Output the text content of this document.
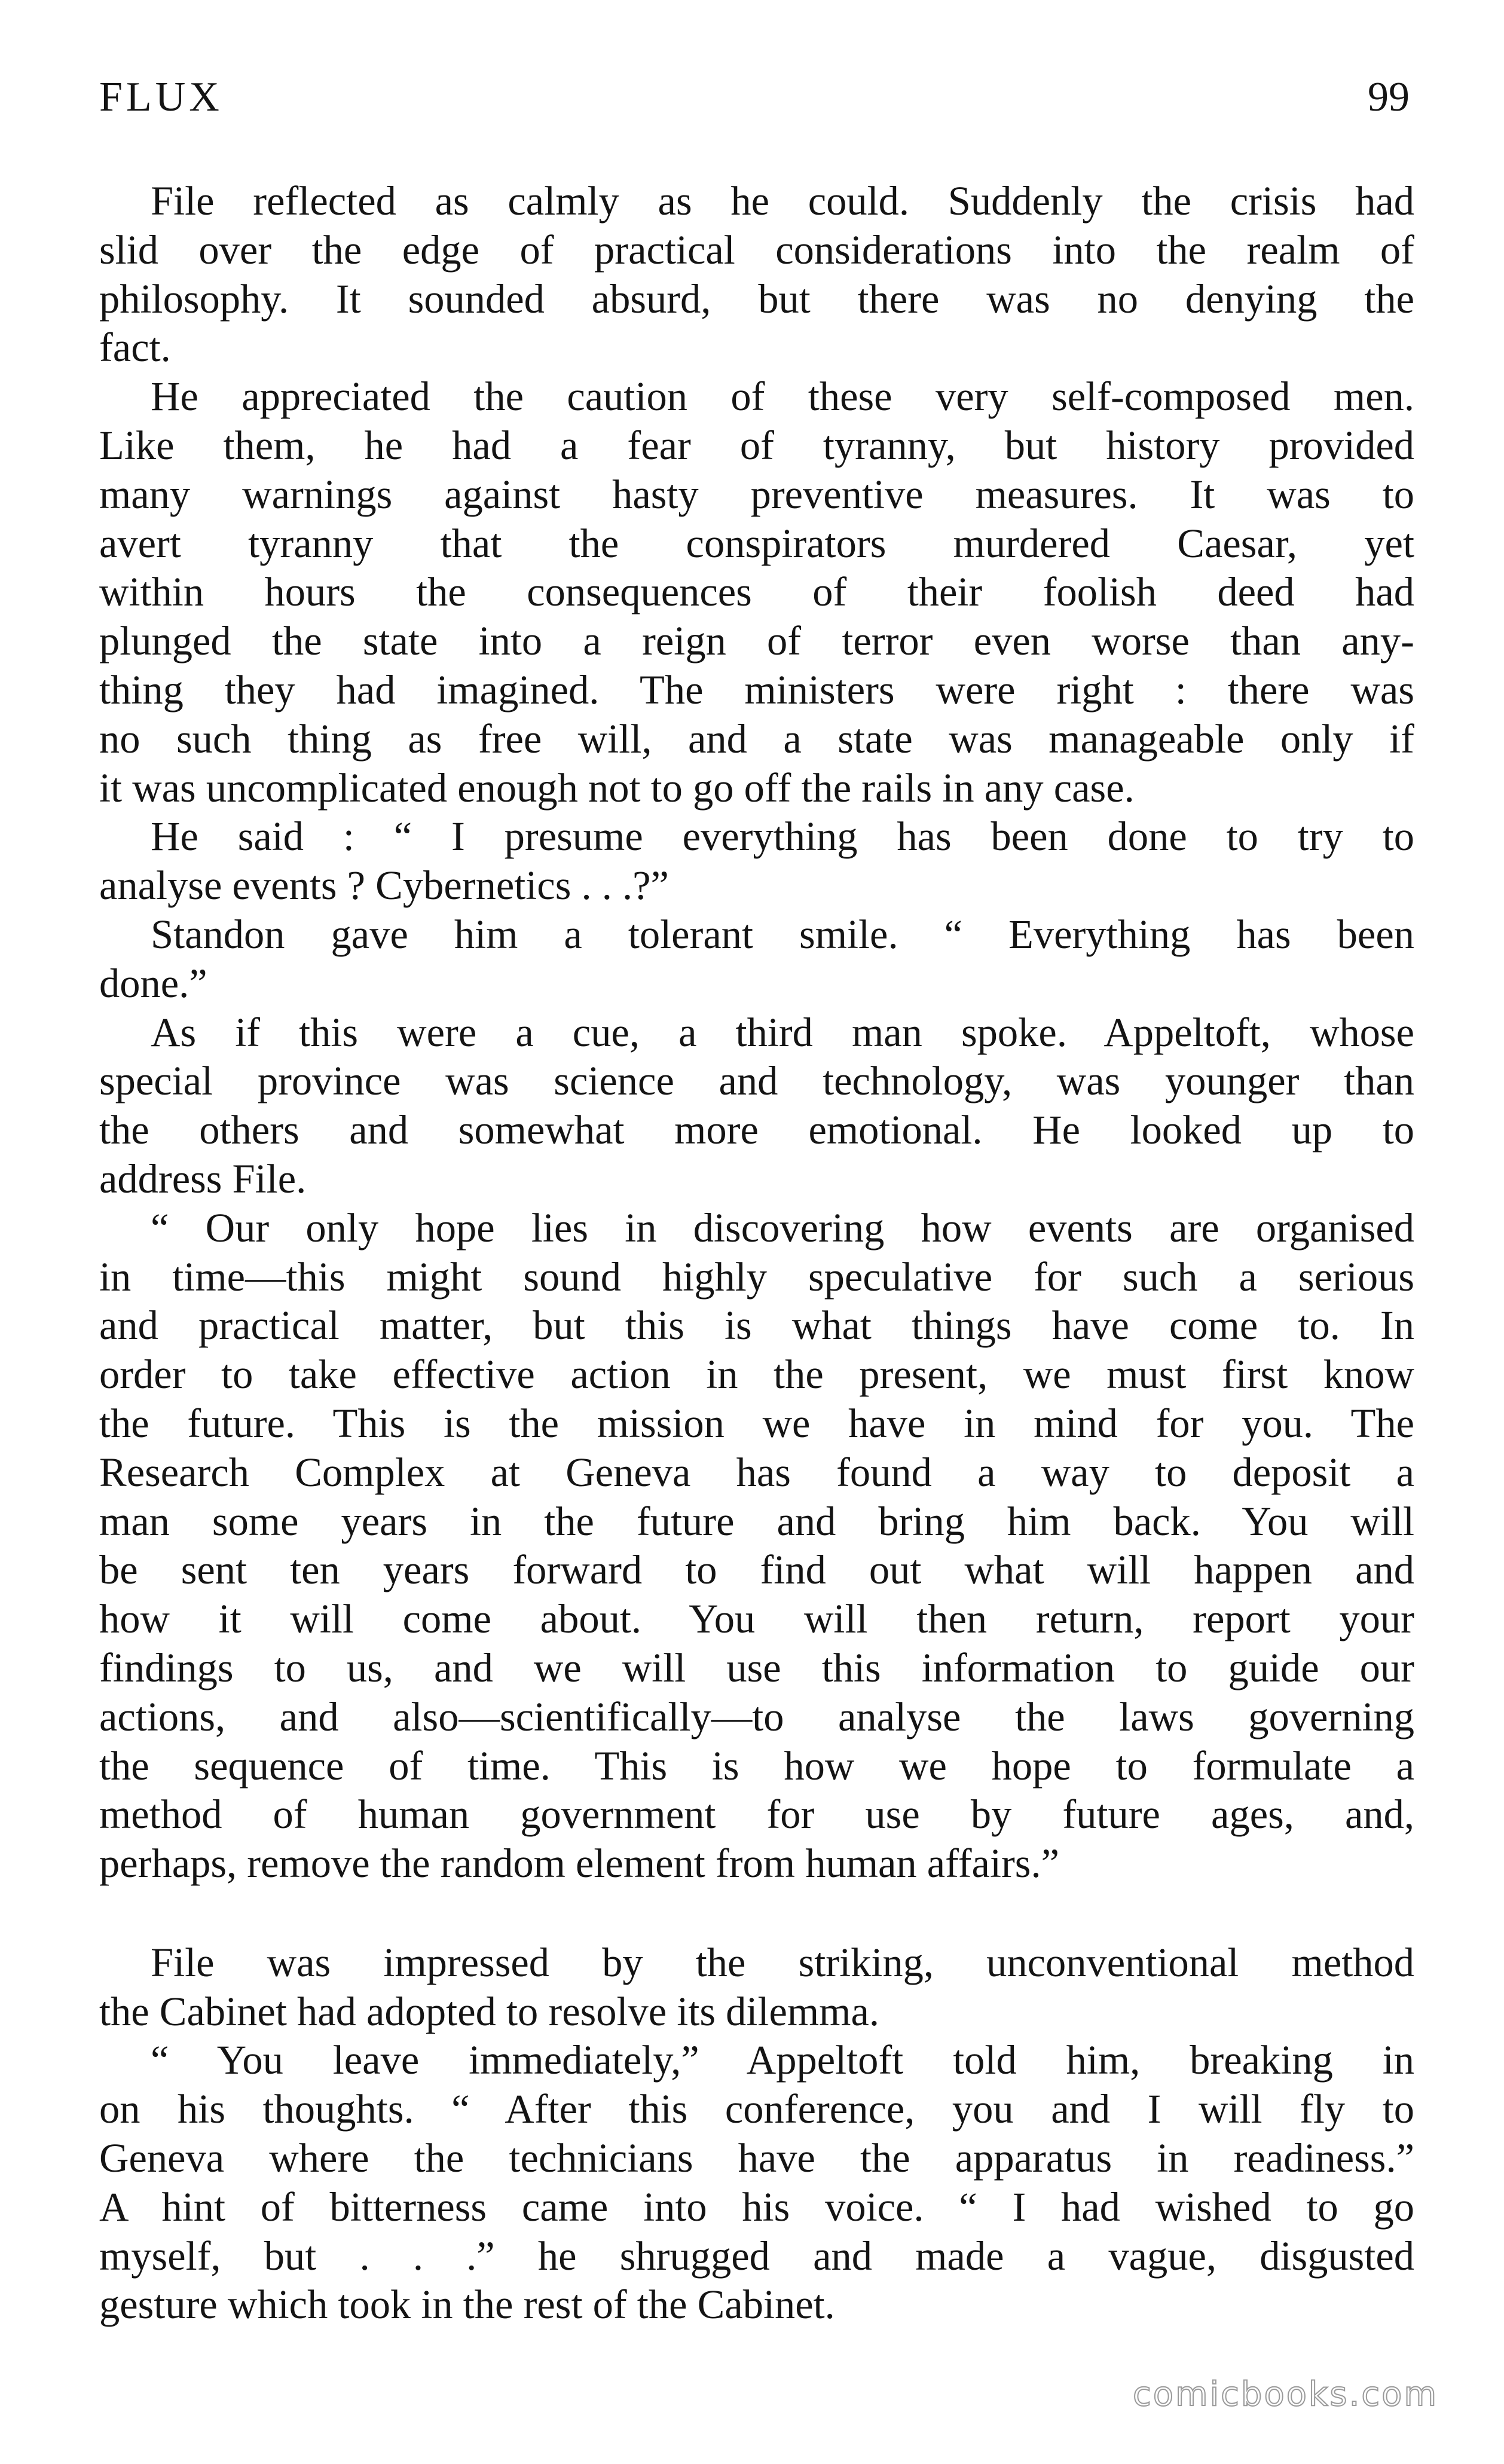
FLUX	99
File reflected as calmly as he could. Suddenly the crisis had
slid over the edge of practical considerations into the realm of
philosophy. It sounded absurd, but there was no denying the
fact.
He appreciated the caution of these very self-composed men.
Like them, he had a fear of tyranny, but history provided
many warnings against hasty preventive measures. It was to
avert tyranny that the conspirators murdered Caesar, yet
within hours the consequences of their foolish deed had
plunged the state into a reign of terror even worse than any-
thing they had imagined. The ministers were right : there was
no such thing as free will, and a state was manageable only if
it was uncomplicated enough not to go off the rails in any case.
He said : “ I presume everything has been done to try to
analyse events ? Cybernetics . . .?”
Standon gave him a tolerant smile. “ Everything has been
done.”
As if this were a cue, a third man spoke. Appeltoft, whose
special province was science and technology, was younger than
the others and somewhat more emotional. He looked up to
address File.
“ Our only hope lies in discovering how events are organised
in time—this might sound highly speculative for such a serious
and practical matter, but this is what things have come to. In
order to take effective action in the present, we must first know
the future. This is the mission we have in mind for you. The
Research Complex at Geneva has found a way to deposit a
man some years in the future and bring him back. You will
be sent ten years forward to find out what will happen and
how it will come about. You will then return, report your
findings to us, and we will use this information to guide our
actions, and also—scientifically—to analyse the laws governing
the sequence of time. This is how we hope to formulate a
method of human government for use by future ages, and,
perhaps, remove the random element from human affairs.”
File was impressed by the striking, unconventional method
the Cabinet had adopted to resolve its dilemma.
“ You leave immediately,” Appeltoft told him, breaking in
on his thoughts. “ After this conference, you and I will fly to
Geneva where the technicians have the apparatus in readiness.”
A hint of bitterness came into his voice. “ I had wished to go
myself, but . . .” he shrugged and made a vague, disgusted
gesture which took in the rest of the Cabinet.
comicbooks.com
